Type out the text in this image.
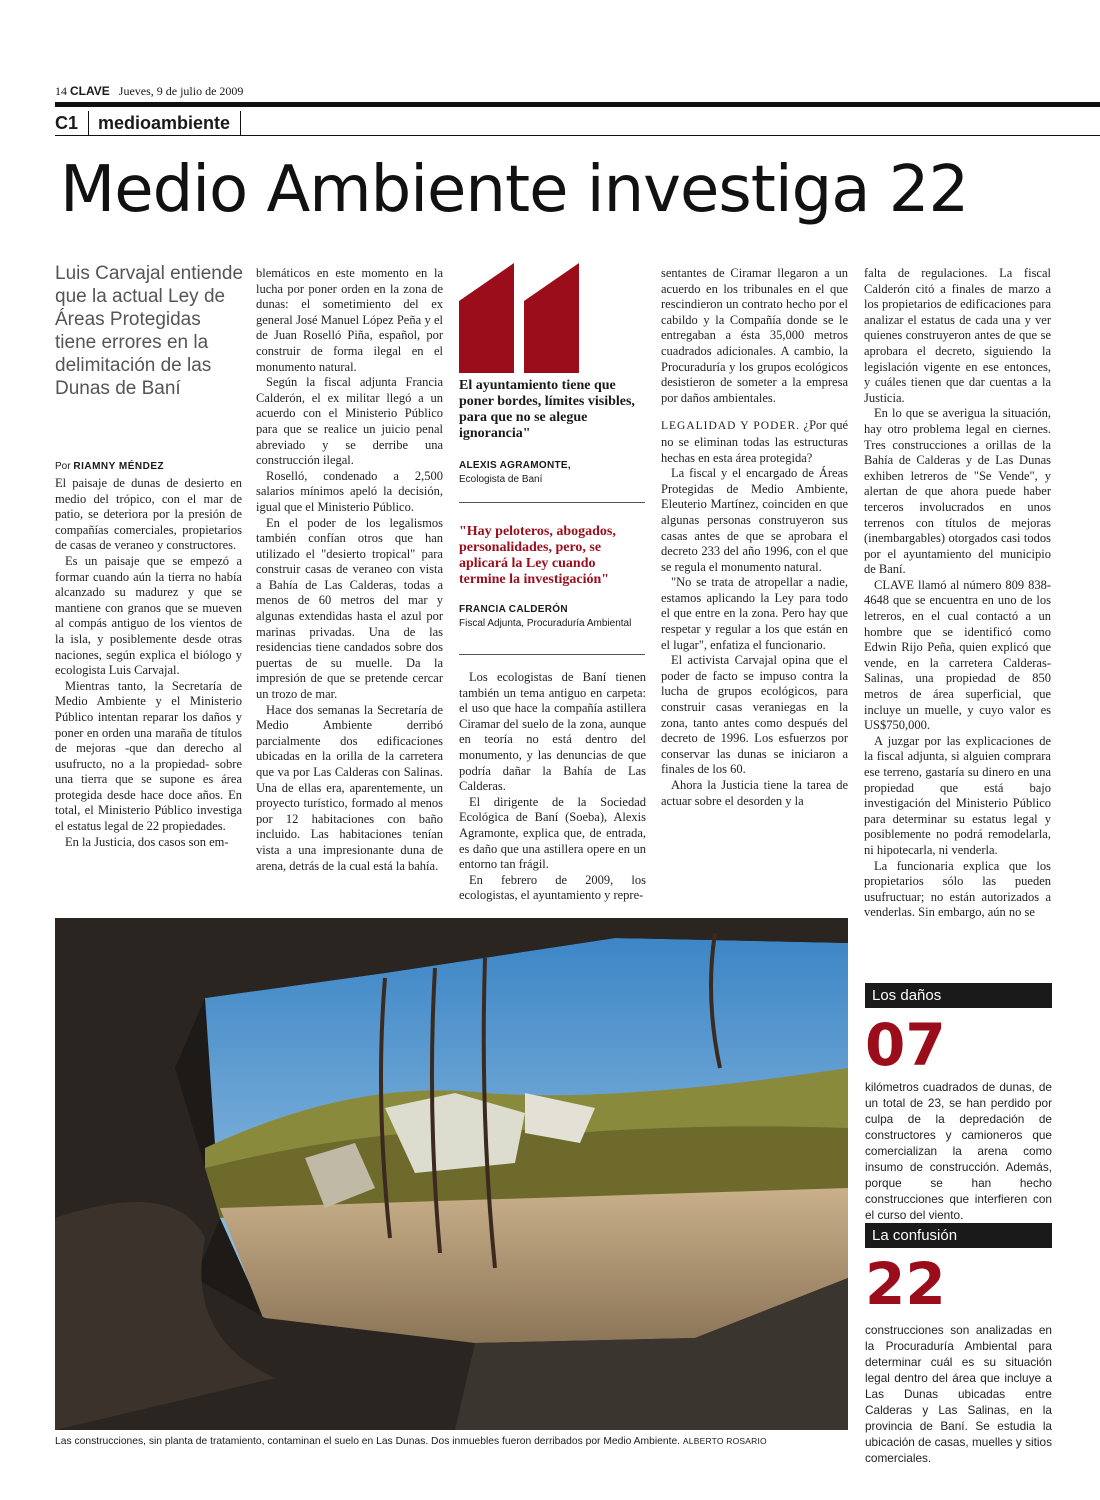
14 CLAVE Jueves, 9 de julio de 2009
C1 medioambiente
Medio Ambiente investiga 22
Luis Carvajal entiende que la actual Ley de Áreas Protegidas tiene errores en la delimitación de las Dunas de Baní
Por RIAMNY MÉNDEZ

El paisaje de dunas de desierto en medio del trópico, con el mar de patio, se deteriora por la presión de compañías comerciales, propietarios de casas de veraneo y constructores.

Es un paisaje que se empezó a formar cuando aún la tierra no había alcanzado su madurez y que se mantiene con granos que se mueven al compás antiguo de los vientos de la isla, y posiblemente desde otras naciones, según explica el biólogo y ecologista Luis Carvajal.

Mientras tanto, la Secretaría de Medio Ambiente y el Ministerio Público intentan reparar los daños y poner en orden una maraña de títulos de mejoras -que dan derecho al usufructo, no a la propiedad- sobre una tierra que se supone es área protegida desde hace doce años. En total, el Ministerio Público investiga el estatus legal de 22 propiedades.

En la Justicia, dos casos son em-

blemáticos en este momento en la lucha por poner orden en la zona de dunas: el sometimiento del ex general José Manuel López Peña y el de Juan Roselló Piña, español, por construir de forma ilegal en el monumento natural.

Según la fiscal adjunta Francia Calderón, el ex militar llegó a un acuerdo con el Ministerio Público para que se realice un juicio penal abreviado y se derribe una construcción ilegal.

Roselló, condenado a 2,500 salarios mínimos apeló la decisión, igual que el Ministerio Público.

En el poder de los legalismos también confían otros que han utilizado el "desierto tropical" para construir casas de veraneo con vista a Bahía de Las Calderas, todas a menos de 60 metros del mar y algunas extendidas hasta el azul por marinas privadas. Una de las residencias tiene candados sobre dos puertas de su muelle. Da la impresión de que se pretende cercar un trozo de mar.

Hace dos semanas la Secretaría de Medio Ambiente derribó parcialmente dos edificaciones ubicadas en la orilla de la carretera que va por Las Calderas con Salinas. Una de ellas era, aparentemente, un proyecto turístico, formado al menos por 12 habitaciones con baño incluido. Las habitaciones tenían vista a una impresionante duna de arena, detrás de la cual está la bahía.

El ayuntamiento tiene que poner bordes, límites visibles, para que no se alegue ignorancia"
ALEXIS AGRAMONTE,
Ecologista de Baní
"Hay peloteros, abogados, personalidades, pero, se aplicará la Ley cuando termine la investigación"
FRANCIA CALDERÓN
Fiscal Adjunta, Procuraduría Ambiental

Los ecologistas de Baní tienen también un tema antiguo en carpeta: el uso que hace la compañía astillera Ciramar del suelo de la zona, aunque en teoría no está dentro del monumento, y las denuncias de que podría dañar la Bahía de Las Calderas.

El dirigente de la Sociedad Ecológica de Baní (Soeba), Alexis Agramonte, explica que, de entrada, es daño que una astillera opere en un entorno tan frágil.

En febrero de 2009, los ecologistas, el ayuntamiento y repre-

sentantes de Ciramar llegaron a un acuerdo en los tribunales en el que rescindieron un contrato hecho por el cabildo y la Compañía donde se le entregaban a ésta 35,000 metros cuadrados adicionales. A cambio, la Procuraduría y los grupos ecológicos desistieron de someter a la empresa por daños ambientales.

LEGALIDAD Y PODER. ¿Por qué no se eliminan todas las estructuras hechas en esta área protegida?

La fiscal y el encargado de Áreas Protegidas de Medio Ambiente, Eleuterio Martínez, coinciden en que algunas personas construyeron sus casas antes de que se aprobara el decreto 233 del año 1996, con el que se regula el monumento natural.

"No se trata de atropellar a nadie, estamos aplicando la Ley para todo el que entre en la zona. Pero hay que respetar y regular a los que están en el lugar", enfatiza el funcionario.

El activista Carvajal opina que el poder de facto se impuso contra la lucha de grupos ecológicos, para construir casas veraniegas en la zona, tanto antes como después del decreto de 1996. Los esfuerzos por conservar las dunas se iniciaron a finales de los 60.

Ahora la Justicia tiene la tarea de actuar sobre el desorden y la

falta de regulaciones. La fiscal Calderón citó a finales de marzo a los propietarios de edificaciones para analizar el estatus de cada una y ver quienes construyeron antes de que se aprobara el decreto, siguiendo la legislación vigente en ese entonces, y cuáles tienen que dar cuentas a la Justicia.

En lo que se averigua la situación, hay otro problema legal en ciernes. Tres construcciones a orillas de la Bahía de Calderas y de Las Dunas exhiben letreros de "Se Vende", y alertan de que ahora puede haber terceros involucrados en unos terrenos con títulos de mejoras (inembargables) otorgados casi todos por el ayuntamiento del municipio de Baní.

CLAVE llamó al número 809 838-4648 que se encuentra en uno de los letreros, en el cual contactó a un hombre que se identificó como Edwin Rijo Peña, quien explicó que vende, en la carretera Calderas-Salinas, una propiedad de 850 metros de área superficial, que incluye un muelle, y cuyo valor es US$750,000.

A juzgar por las explicaciones de la fiscal adjunta, si alguien comprara ese terreno, gastaría su dinero en una propiedad que está bajo investigación del Ministerio Público para determinar su estatus legal y posiblemente no podrá remodelarla, ni hipotecarla, ni venderla.

La funcionaria explica que los propietarios sólo las pueden usufructuar; no están autorizados a venderlas. Sin embargo, aún no se

Las construcciones, sin planta de tratamiento, contaminan el suelo en Las Dunas. Dos inmuebles fueron derribados por Medio Ambiente. ALBERTO ROSARIO
Los daños
07
kilómetros cuadrados de dunas, de un total de 23, se han perdido por culpa de la depredación de constructores y camioneros que comercializan la arena como insumo de construcción. Además, porque se han hecho construcciones que interfieren con el curso del viento.
La confusión
22
construcciones son analizadas en la Procuraduría Ambiental para determinar cuál es su situación legal dentro del área que incluye a Las Dunas ubicadas entre Calderas y Las Salinas, en la provincia de Baní. Se estudia la ubicación de casas, muelles y sitios comerciales.
